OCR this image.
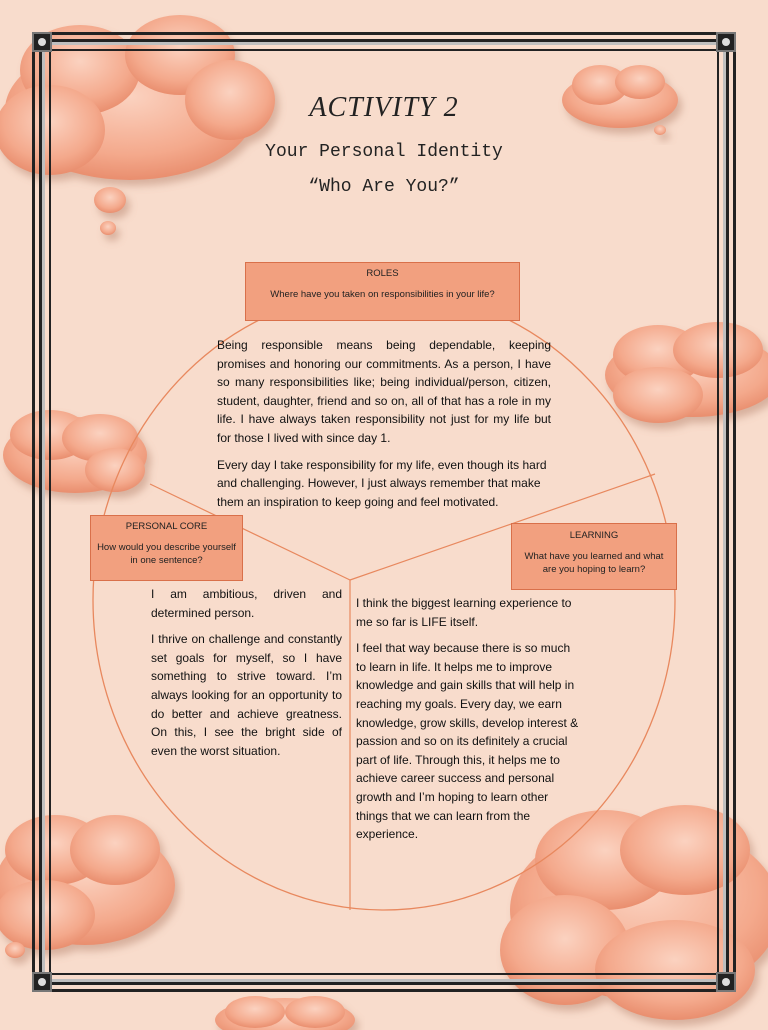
ACTIVITY 2
Your Personal Identity
“Who Are You?”
ROLES
Where have you taken on responsibilities in your life?
PERSONAL CORE
How would you describe yourself in one sentence?
LEARNING
What have you learned and what are you hoping to learn?

Being responsible means being dependable, keeping promises and honoring our commitments. As a person, I have so many responsibilities like; being individual/person, citizen, student, daughter, friend and so on, all of that has a role in my life. I have always taken responsibility not just for my life but for those I lived with since day 1.

Every day I take responsibility for my life, even though its hard and challenging. However, I just always remember that make them an inspiration to keep going and feel motivated.

I am ambitious, driven and determined person.

I thrive on challenge and constantly set goals for myself, so I have something to strive toward. I’m always looking for an opportunity to do better and achieve greatness. On this, I see the bright side of even the worst situation.

I think the biggest learning experience to me so far is LIFE itself.

I feel that way because there is so much to learn in life. It helps me to improve knowledge and gain skills that will help in reaching my goals. Every day, we earn knowledge, grow skills, develop interest & passion and so on its definitely a crucial part of life. Through this, it helps me to achieve career success and personal growth and I’m hoping to learn other things that we can learn from the experience.
